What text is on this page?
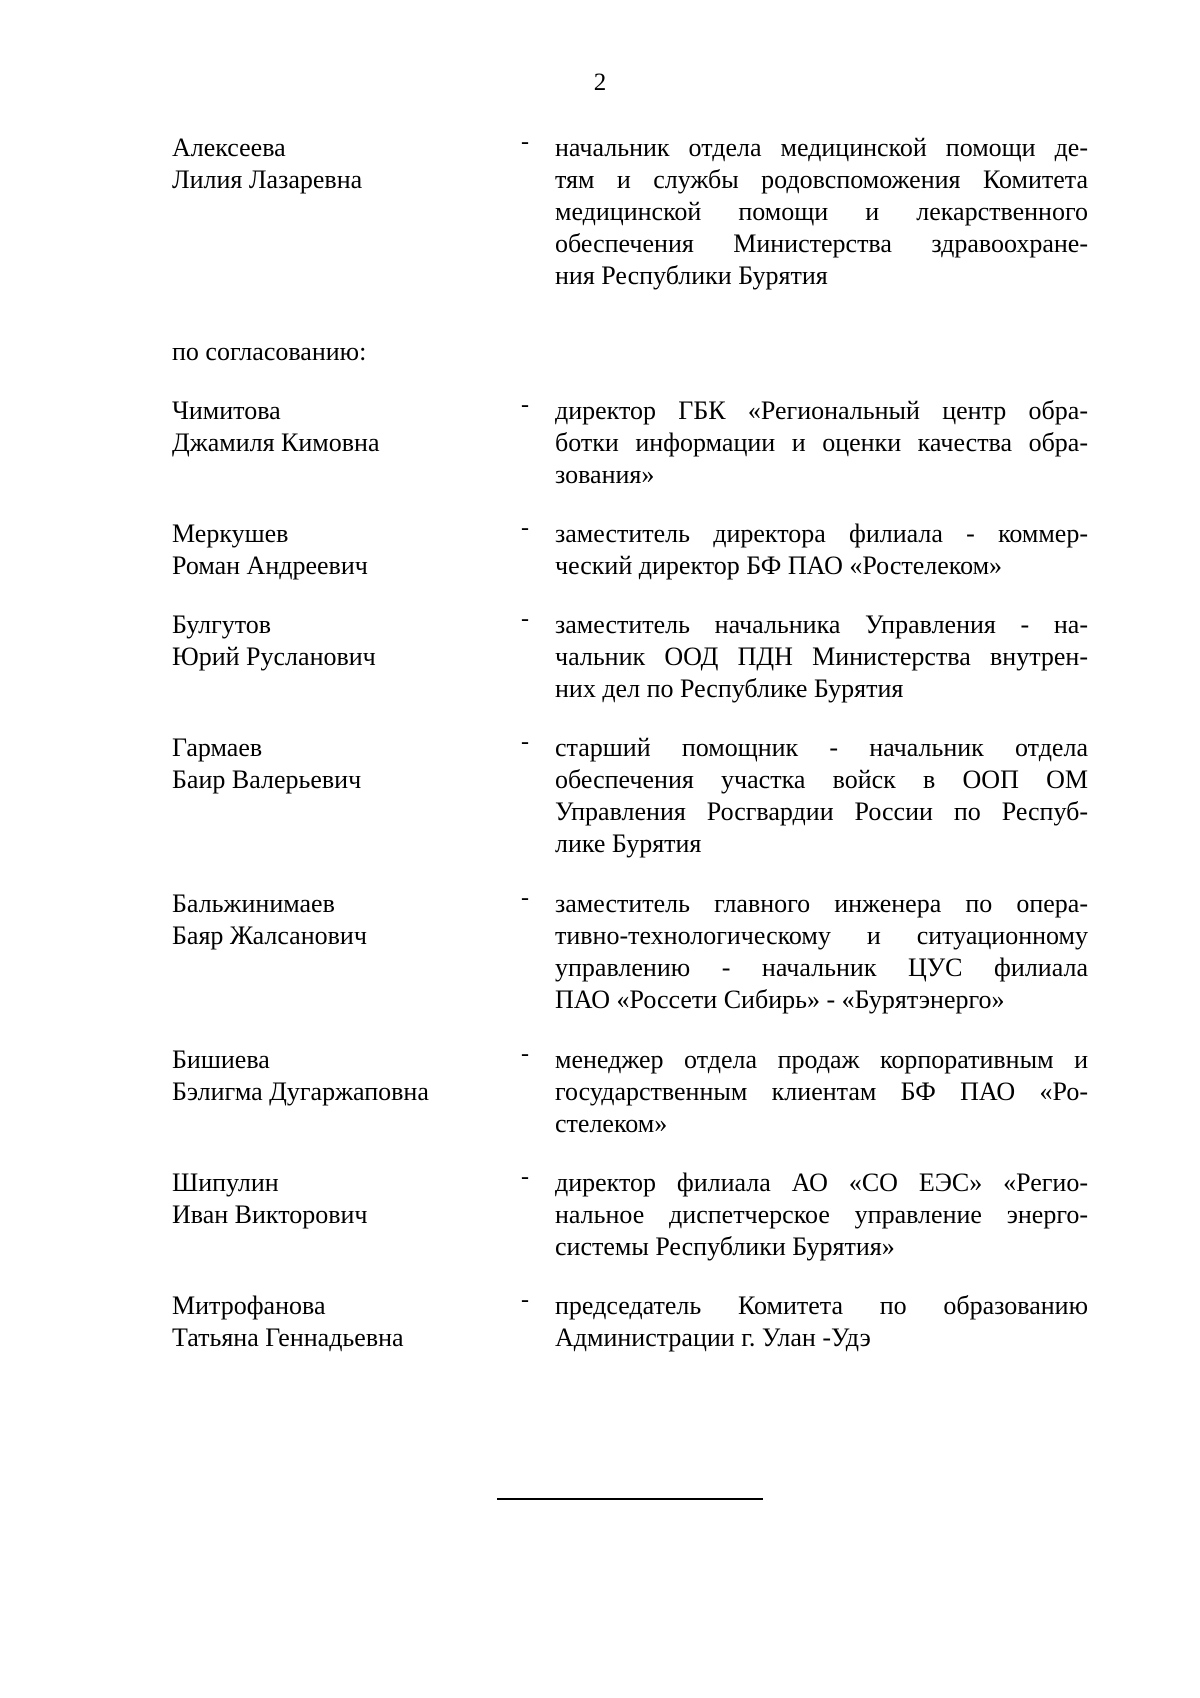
2
Алексеева
Лилия Лазаревна
- начальник отдела медицинской помощи де-
тям и службы родовспоможения Комитета
медицинской помощи и лекарственного
обеспечения Министерства здравоохране-
ния Республики Бурятия
по согласованию:
Чимитова
Джамиля Кимовна
- директор ГБК «Региональный центр обра-
ботки информации и оценки качества обра-
зования»
Меркушев
Роман Андреевич
- заместитель директора филиала - коммер-
ческий директор БФ ПАО «Ростелеком»
Булгутов
Юрий Русланович
- заместитель начальника Управления - на-
чальник ООД ПДН Министерства внутрен-
них дел по Республике Бурятия
Гармаев
Баир Валерьевич
- старший помощник - начальник отдела
обеспечения участка войск в ООП ОМ
Управления Росгвардии России по Респуб-
лике Бурятия
Бальжинимаев
Баяр Жалсанович
- заместитель главного инженера по опера-
тивно-технологическому и ситуационному
управлению - начальник ЦУС филиала
ПАО «Россети Сибирь» - «Бурятэнерго»
Бишиева
Бэлигма Дугаржаповна
- менеджер отдела продаж корпоративным и
государственным клиентам БФ ПАО «Ро-
стелеком»
Шипулин
Иван Викторович
- директор филиала АО «СО ЕЭС» «Регио-
нальное диспетчерское управление энерго-
системы Республики Бурятия»
Митрофанова
Татьяна Геннадьевна
- председатель Комитета по образованию
Администрации г. Улан -Удэ
